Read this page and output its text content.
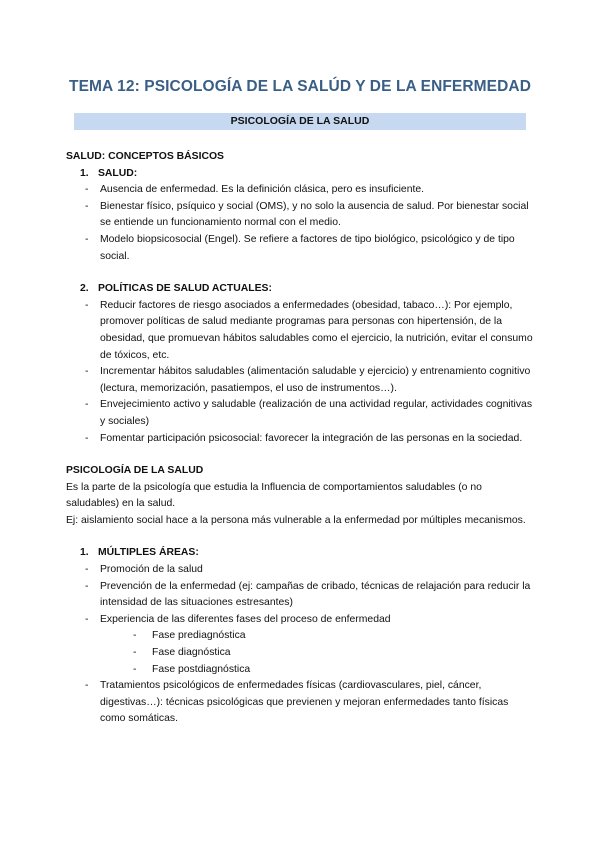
TEMA 12: PSICOLOGÍA DE LA SALÚD Y DE LA ENFERMEDAD
PSICOLOGÍA DE LA SALUD
SALUD: CONCEPTOS BÁSICOS
1. SALUD:
-	Ausencia de enfermedad. Es la definición clásica, pero es insuficiente.
-	Bienestar físico, psíquico y social (OMS), y no solo la ausencia de salud. Por bienestar social se entiende un funcionamiento normal con el medio.
-	Modelo biopsicosocial (Engel). Se refiere a factores de tipo biológico, psicológico y de tipo social.
2. POLÍTICAS DE SALUD ACTUALES:
-	Reducir factores de riesgo asociados a enfermedades (obesidad, tabaco…): Por ejemplo, promover políticas de salud mediante programas para personas con hipertensión, de la obesidad, que promuevan hábitos saludables como el ejercicio, la nutrición, evitar el consumo de tóxicos, etc.
-	Incrementar hábitos saludables (alimentación saludable y ejercicio) y entrenamiento cognitivo (lectura, memorización, pasatiempos, el uso de instrumentos…).
-	Envejecimiento activo y saludable (realización de una actividad regular, actividades cognitivas y sociales)
-	Fomentar participación psicosocial: favorecer la integración de las personas en la sociedad.
PSICOLOGÍA DE LA SALUD
Es la parte de la psicología que estudia la Influencia de comportamientos saludables (o no saludables) en la salud.
Ej: aislamiento social hace a la persona más vulnerable a la enfermedad por múltiples mecanismos.
1. MÚLTIPLES ÁREAS:
-	Promoción de la salud
-	Prevención de la enfermedad (ej: campañas de cribado, técnicas de relajación para reducir la intensidad de las situaciones estresantes)
-	Experiencia de las diferentes fases del proceso de enfermedad
-	Fase prediagnóstica
-	Fase diagnóstica
-	Fase postdiagnóstica
-	Tratamientos psicológicos de enfermedades físicas (cardiovasculares, piel, cáncer, digestivas…): técnicas psicológicas que previenen y mejoran enfermedades tanto físicas como somáticas.
